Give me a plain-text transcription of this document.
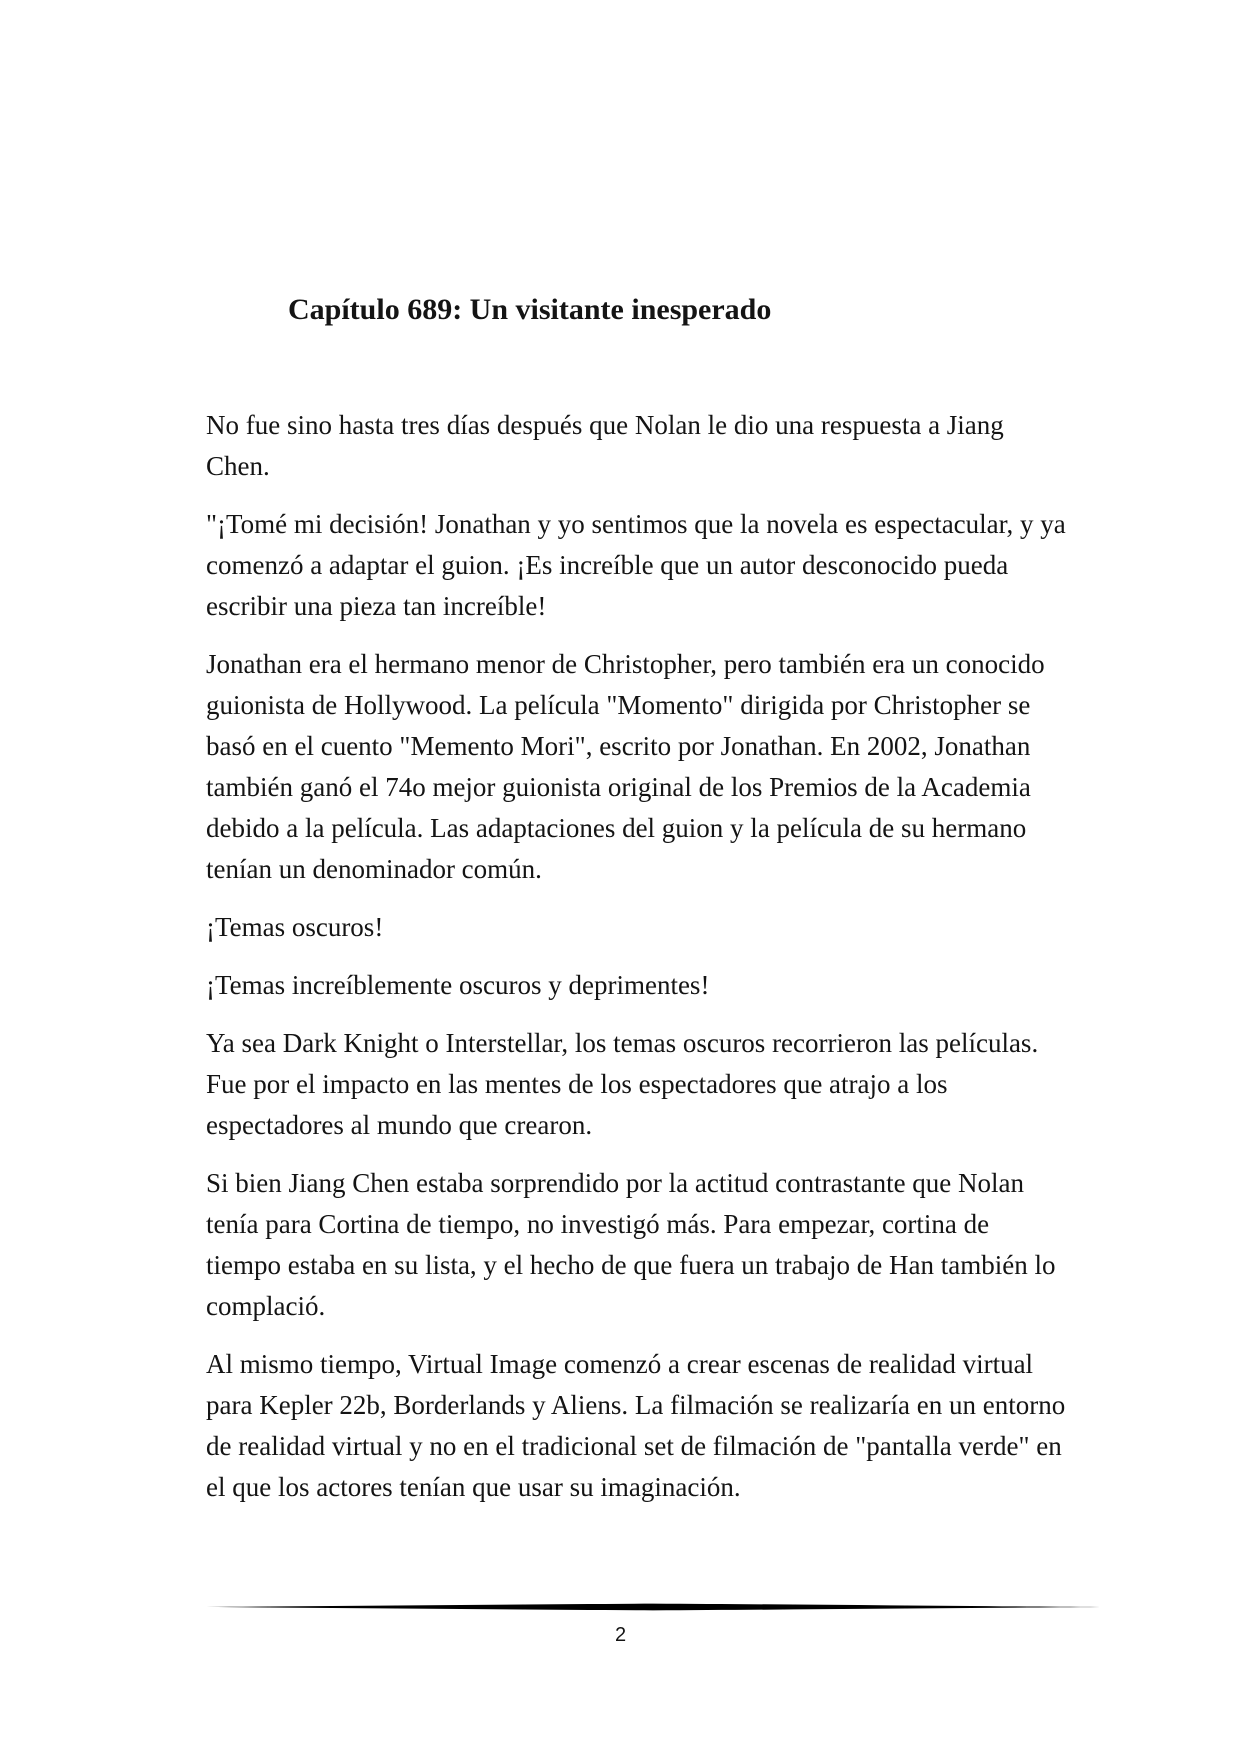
Capítulo 689: Un visitante inesperado

No fue sino hasta tres días después que Nolan le dio una respuesta a Jiang Chen.

"¡Tomé mi decisión! Jonathan y yo sentimos que la novela es espectacular, y ya comenzó a adaptar el guion. ¡Es increíble que un autor desconocido pueda escribir una pieza tan increíble!

Jonathan era el hermano menor de Christopher, pero también era un conocido guionista de Hollywood. La película "Momento" dirigida por Christopher se basó en el cuento "Memento Mori", escrito por Jonathan. En 2002, Jonathan también ganó el 74o mejor guionista original de los Premios de la Academia debido a la película. Las adaptaciones del guion y la película de su hermano tenían un denominador común.

¡Temas oscuros!

¡Temas increíblemente oscuros y deprimentes!

Ya sea Dark Knight o Interstellar, los temas oscuros recorrieron las películas. Fue por el impacto en las mentes de los espectadores que atrajo a los espectadores al mundo que crearon.

Si bien Jiang Chen estaba sorprendido por la actitud contrastante que Nolan tenía para Cortina de tiempo, no investigó más. Para empezar, cortina de tiempo estaba en su lista, y el hecho de que fuera un trabajo de Han también lo complació.

Al mismo tiempo, Virtual Image comenzó a crear escenas de realidad virtual para Kepler 22b, Borderlands y Aliens. La filmación se realizaría en un entorno de realidad virtual y no en el tradicional set de filmación de "pantalla verde" en el que los actores tenían que usar su imaginación.

2
